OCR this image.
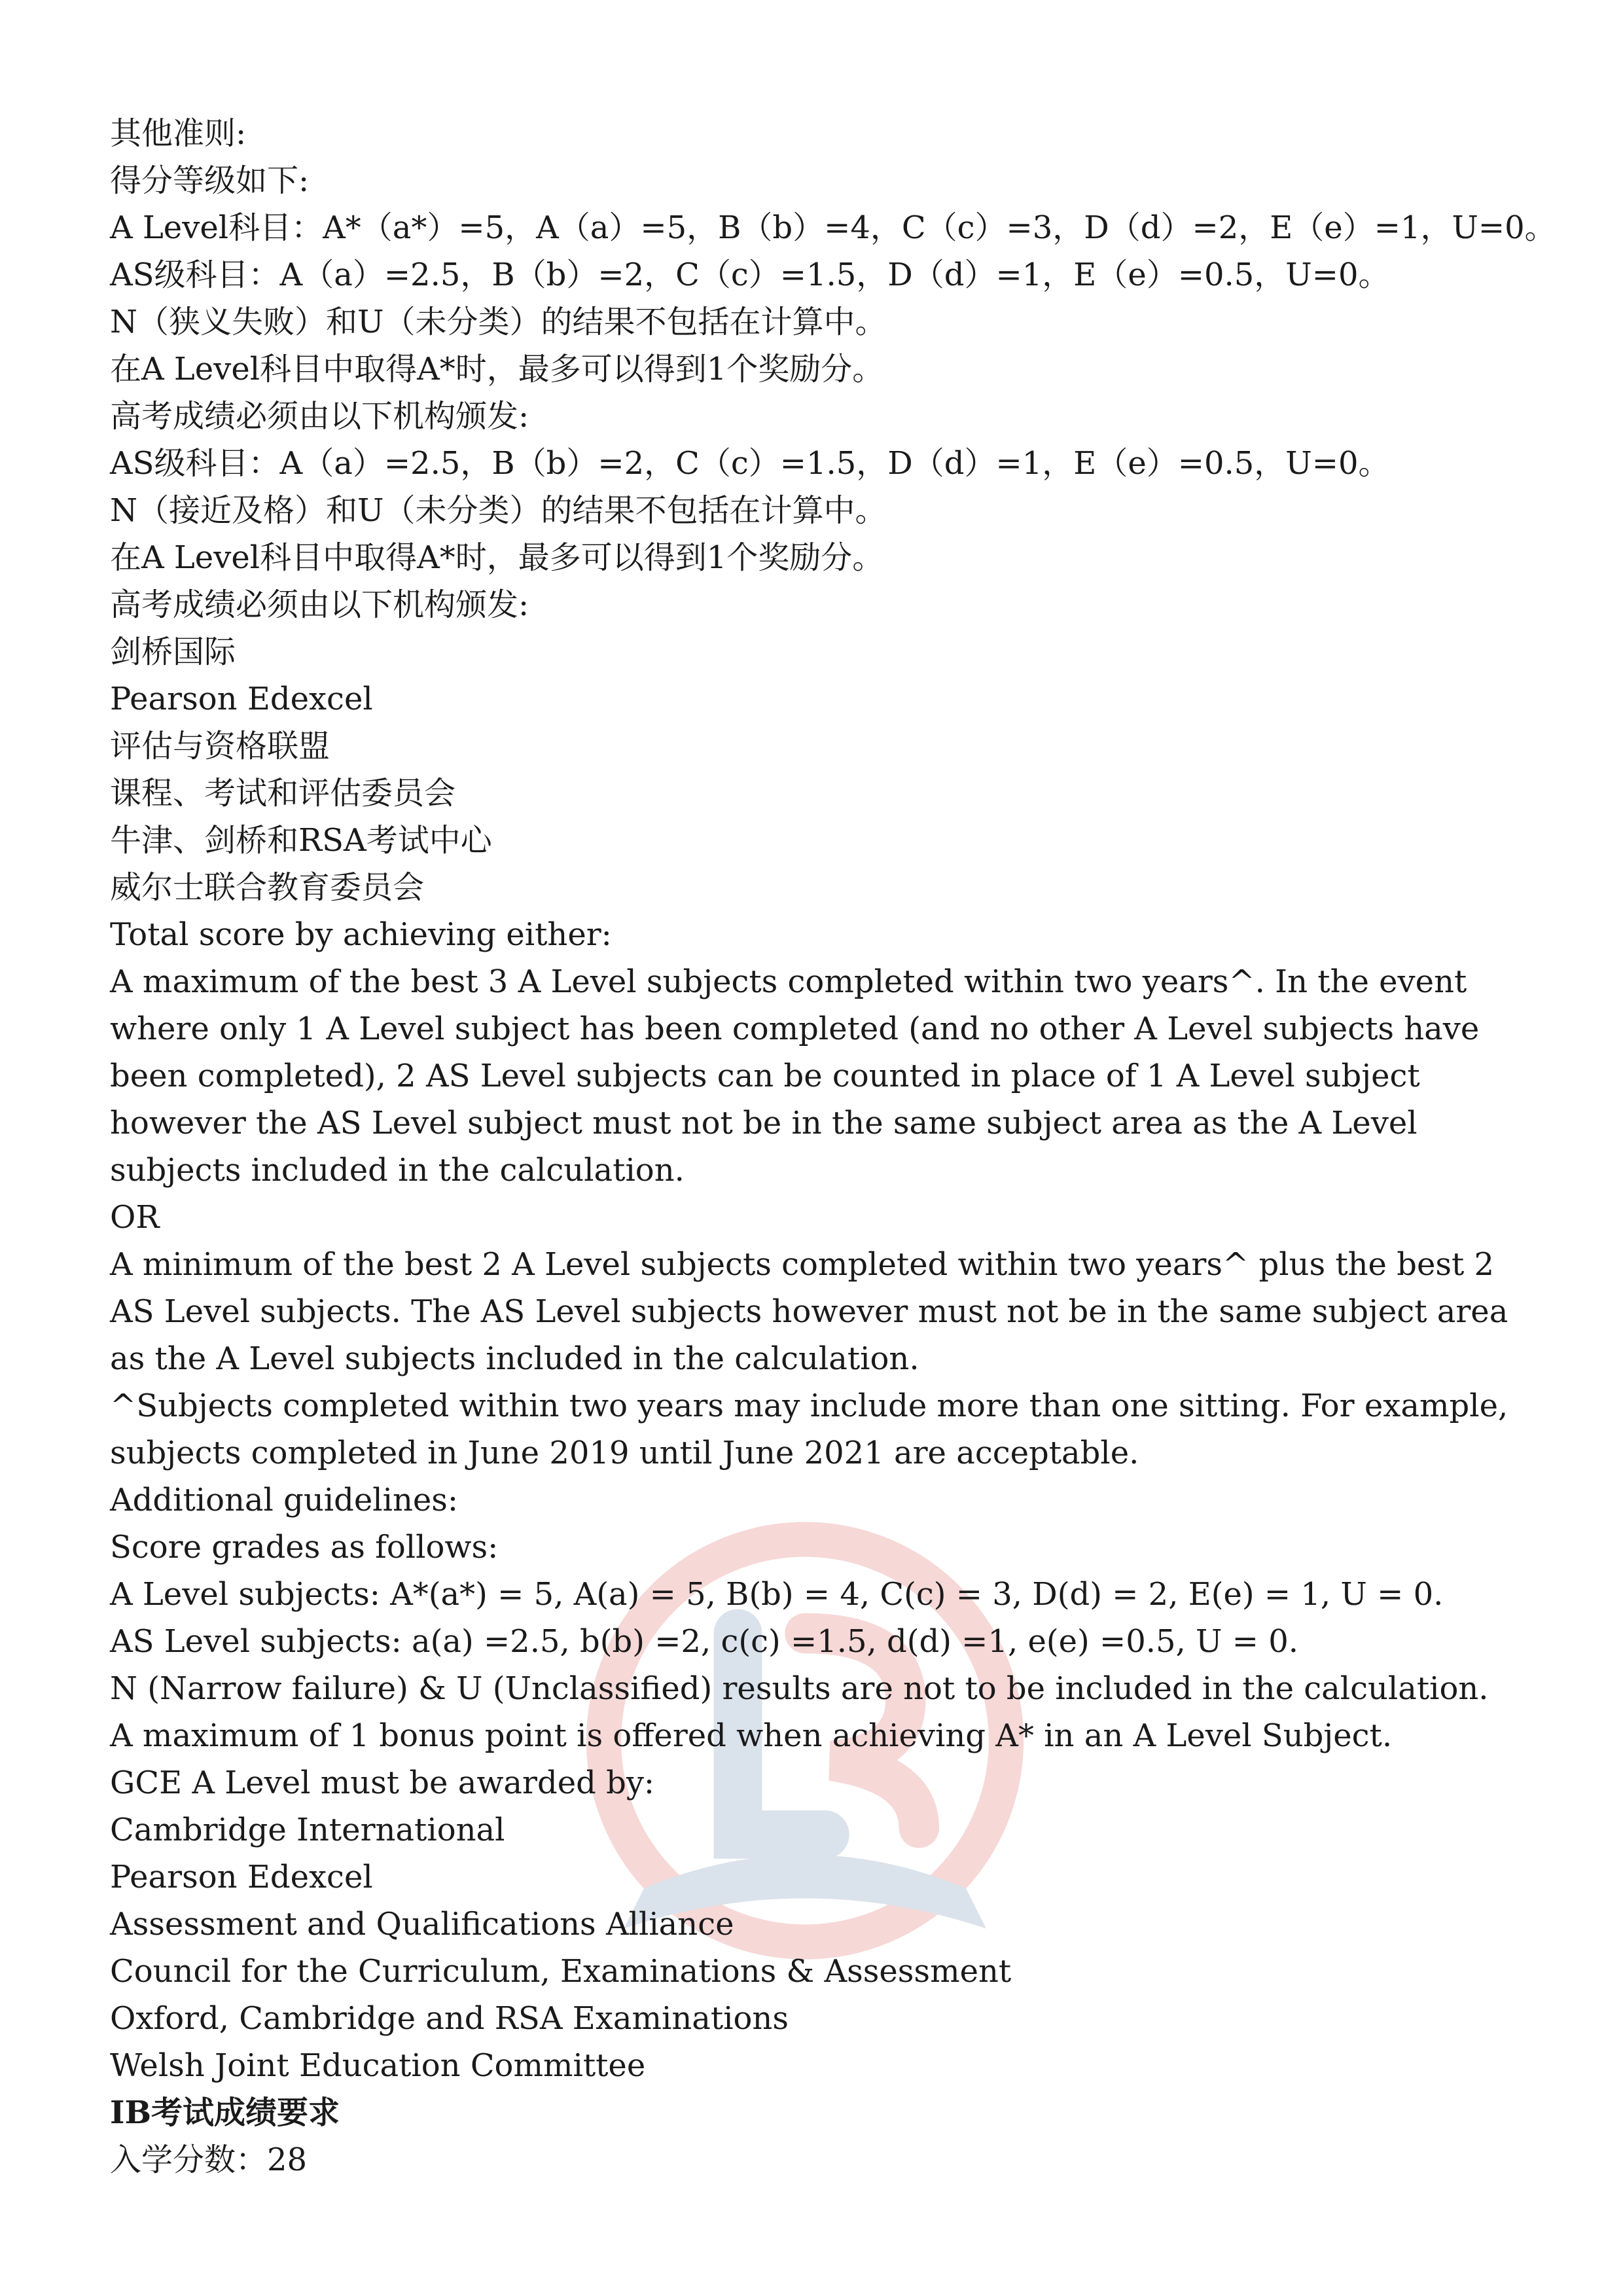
其他准则:
得分等级如下:
A Level科目：A*（a*）=5，A（a）=5，B（b）=4，C（c）=3，D（d）=2，E（e）=1，U=0。
AS级科目：A（a）=2.5，B（b）=2，C（c）=1.5，D（d）=1，E（e）=0.5，U=0。
N（狭义失败）和U（未分类）的结果不包括在计算中。
在A Level科目中取得A*时，最多可以得到1个奖励分。
高考成绩必须由以下机构颁发:
AS级科目：A（a）=2.5，B（b）=2，C（c）=1.5，D（d）=1，E（e）=0.5，U=0。
N（接近及格）和U（未分类）的结果不包括在计算中。
在A Level科目中取得A*时，最多可以得到1个奖励分。
高考成绩必须由以下机构颁发:
剑桥国际
Pearson Edexcel
评估与资格联盟
课程、考试和评估委员会
牛津、剑桥和RSA考试中心
威尔士联合教育委员会
Total score by achieving either:
A maximum of the best 3 A Level subjects completed within two years^. In the event where only 1 A Level subject has been completed (and no other A Level subjects have been completed), 2 AS Level subjects can be counted in place of 1 A Level subject however the AS Level subject must not be in the same subject area as the A Level subjects included in the calculation.
OR
A minimum of the best 2 A Level subjects completed within two years^ plus the best 2 AS Level subjects. The AS Level subjects however must not be in the same subject area as the A Level subjects included in the calculation.
^Subjects completed within two years may include more than one sitting. For example, subjects completed in June 2019 until June 2021 are acceptable.
Additional guidelines:
Score grades as follows:
A Level subjects: A*(a*) = 5, A(a) = 5, B(b) = 4, C(c) = 3, D(d) = 2, E(e) = 1, U = 0.
AS Level subjects: a(a) =2.5, b(b) =2, c(c) =1.5, d(d) =1, e(e) =0.5, U = 0.
N (Narrow failure) & U (Unclassified) results are not to be included in the calculation.
A maximum of 1 bonus point is offered when achieving A* in an A Level Subject.
GCE A Level must be awarded by:
Cambridge International
Pearson Edexcel
Assessment and Qualifications Alliance
Council for the Curriculum, Examinations & Assessment
Oxford, Cambridge and RSA Examinations
Welsh Joint Education Committee
IB考试成绩要求
入学分数：28
